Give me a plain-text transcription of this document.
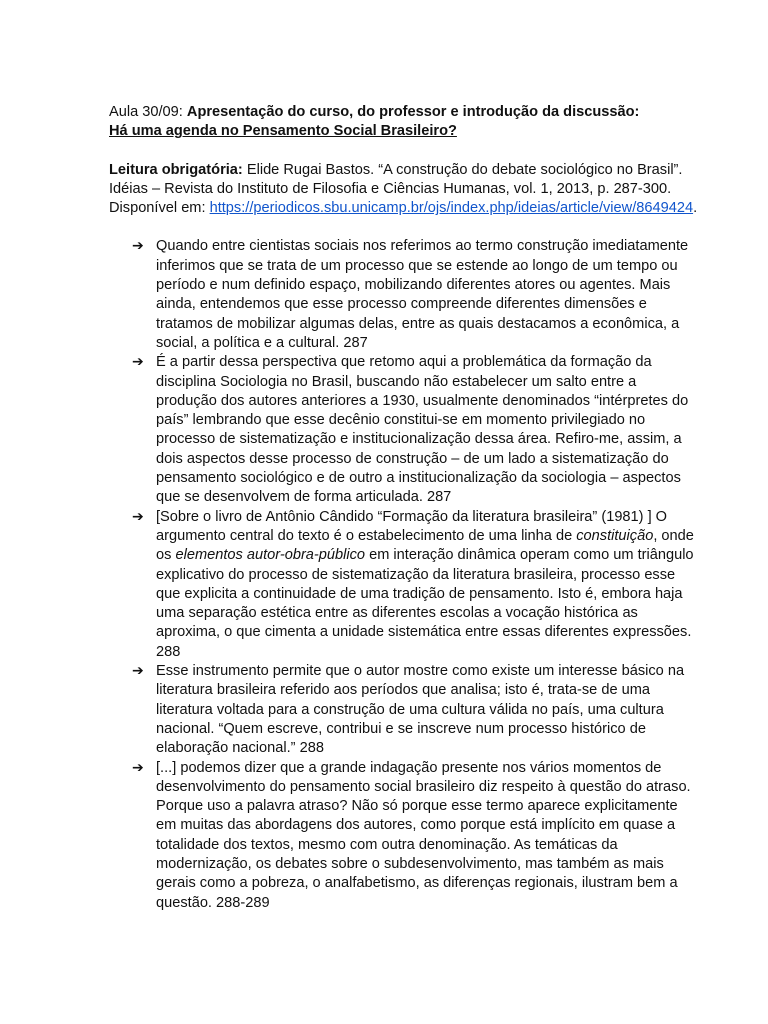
Aula 30/09: Apresentação do curso, do professor e introdução da discussão:
Há uma agenda no Pensamento Social Brasileiro?

Leitura obrigatória: Elide Rugai Bastos. “A construção do debate sociológico no Brasil”. Idéias – Revista do Instituto de Filosofia e Ciências Humanas, vol. 1, 2013, p. 287-300. Disponível em: https://periodicos.sbu.unicamp.br/ojs/index.php/ideias/article/view/8649424.

➔ Quando entre cientistas sociais nos referimos ao termo construção imediatamente inferimos que se trata de um processo que se estende ao longo de um tempo ou período e num definido espaço, mobilizando diferentes atores ou agentes. Mais ainda, entendemos que esse processo compreende diferentes dimensões e tratamos de mobilizar algumas delas, entre as quais destacamos a econômica, a social, a política e a cultural. 287
➔ É a partir dessa perspectiva que retomo aqui a problemática da formação da disciplina Sociologia no Brasil, buscando não estabelecer um salto entre a produção dos autores anteriores a 1930, usualmente denominados “intérpretes do país” lembrando que esse decênio constitui-se em momento privilegiado no processo de sistematização e institucionalização dessa área. Refiro-me, assim, a dois aspectos desse processo de construção – de um lado a sistematização do pensamento sociológico e de outro a institucionalização da sociologia – aspectos que se desenvolvem de forma articulada. 287
➔ [Sobre o livro de Antônio Cândido “Formação da literatura brasileira” (1981) ] O argumento central do texto é o estabelecimento de uma linha de constituição, onde os elementos autor-obra-público em interação dinâmica operam como um triângulo explicativo do processo de sistematização da literatura brasileira, processo esse que explicita a continuidade de uma tradição de pensamento. Isto é, embora haja uma separação estética entre as diferentes escolas a vocação histórica as aproxima, o que cimenta a unidade sistemática entre essas diferentes expressões. 288
➔ Esse instrumento permite que o autor mostre como existe um interesse básico na literatura brasileira referido aos períodos que analisa; isto é, trata-se de uma literatura voltada para a construção de uma cultura válida no país, uma cultura nacional. “Quem escreve, contribui e se inscreve num processo histórico de elaboração nacional.” 288
➔ [...] podemos dizer que a grande indagação presente nos vários momentos de desenvolvimento do pensamento social brasileiro diz respeito à questão do atraso. Porque uso a palavra atraso? Não só porque esse termo aparece explicitamente em muitas das abordagens dos autores, como porque está implícito em quase a totalidade dos textos, mesmo com outra denominação. As temáticas da modernização, os debates sobre o subdesenvolvimento, mas também as mais gerais como a pobreza, o analfabetismo, as diferenças regionais, ilustram bem a questão. 288-289
